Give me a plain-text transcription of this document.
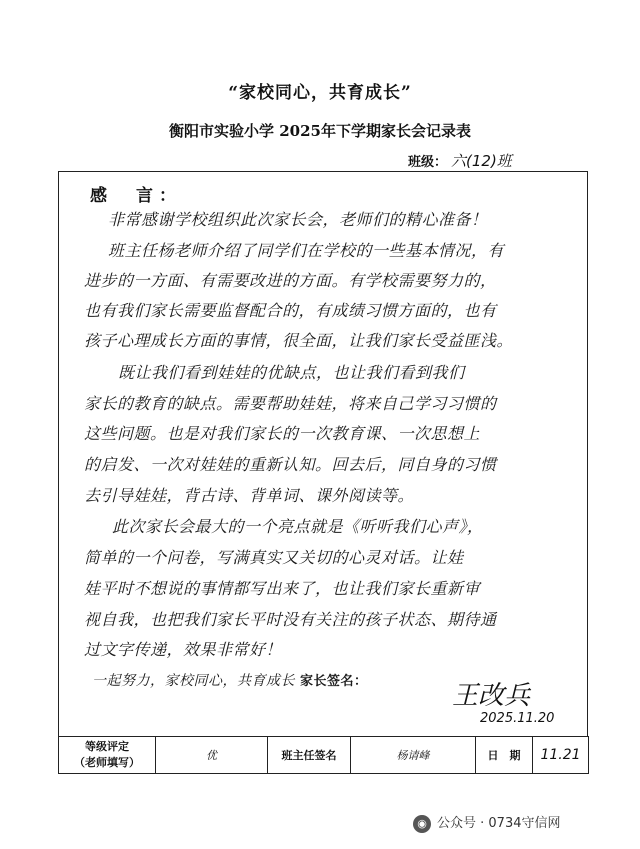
“家校同心，共育成长”
衡阳市实验小学 2025年下学期家长会记录表
班级： 六(12)班
感　言：
非常感谢学校组织此次家长会，老师们的精心准备！
班主任杨老师介绍了同学们在学校的一些基本情况，有
进步的一方面、有需要改进的方面。有学校需要努力的，
也有我们家长需要监督配合的，有成绩习惯方面的，也有
孩子心理成长方面的事情，很全面，让我们家长受益匪浅。
既让我们看到娃娃的优缺点，也让我们看到我们
家长的教育的缺点。需要帮助娃娃，将来自己学习习惯的
这些问题。也是对我们家长的一次教育课、一次思想上
的启发、一次对娃娃的重新认知。回去后，同自身的习惯
去引导娃娃，背古诗、背单词、课外阅读等。
此次家长会最大的一个亮点就是《听听我们心声》，
简单的一个问卷，写满真实又关切的心灵对话。让娃
娃平时不想说的事情都写出来了，也让我们家长重新审
视自我，也把我们家长平时没有关注的孩子状态、期待通
过文字传递，效果非常好！
一起努力，家校同心，共育成长 家长签名：	王改兵
2025.11.20
等级评定
（老师填写）
	优	班主任签名	杨请峰	日　期	11.21
◉ 公众号 · 0734守信网
